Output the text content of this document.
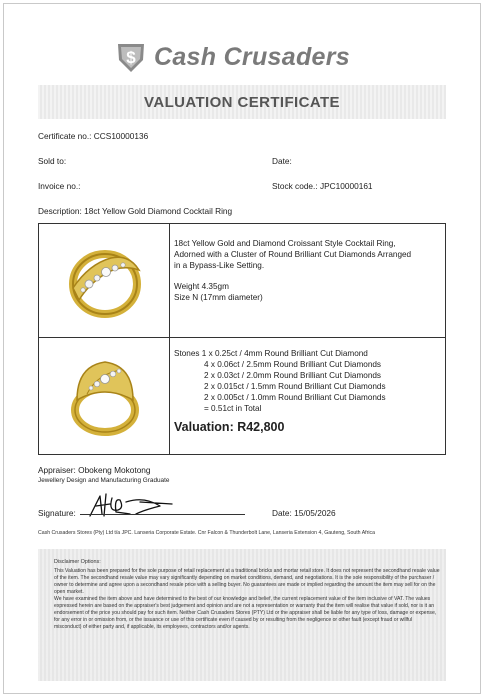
$ Cash Crusaders
VALUATION CERTIFICATE
Certificate no.: CCS10000136
Sold to:	Date:
Invoice no.:	Stock code.: JPC10000161
Description: 18ct Yellow Gold Diamond Cocktail Ring
18ct Yellow Gold and Diamond Croissant Style Cocktail Ring,
Adorned with a Cluster of Round Brilliant Cut Diamonds Arranged
in a Bypass-Like Setting.
Weight 4.35gm
Size N (17mm diameter)
Stones 1 x 0.25ct / 4mm Round Brilliant Cut Diamond
4 x 0.06ct / 2.5mm Round Brilliant Cut Diamonds
2 x 0.03ct / 2.0mm Round Brilliant Cut Diamonds
2 x 0.015ct / 1.5mm Round Brilliant Cut Diamonds
2 x 0.005ct / 1.0mm Round Brilliant Cut Diamonds
= 0.51ct in Total
Valuation: R42,800
Appraiser: Obokeng Mokotong
Jewellery Design and Manufacturing Graduate
Signature:	Date: 15/05/2026
Cash Crusaders Stores (Pty) Ltd t/a JPC. Lanseria Corporate Estate. Cnr Falcon & Thunderbolt Lane, Lanseria Extension 4, Gauteng, South Africa
Disclaimer Options:
This Valuation has been prepared for the sole purpose of retail replacement at a traditional bricks and mortar retail store. It does not represent the secondhand resale value of the item. The secondhand resale value may vary significantly depending on market conditions, demand, and negotiations. It is the sole responsibility of the purchaser / owner to determine and agree upon a secondhand resale price with a selling buyer. No guarantees are made or implied regarding the amount the item may sell for on the open market.
We have examined the item above and have determined to the best of our knowledge and belief, the current replacement value of the item inclusive of VAT. The values expressed herein are based on the appraiser's best judgement and opinion and are not a representation or warranty that the item will realise that value if sold, nor is it an endorsement of the price you should pay for such item. Neither Cash Crusaders Stores (PTY) Ltd or the appraiser shall be liable for any type of loss, damage or expense, for any error in or omission from, or the issuance or use of this certificate even if caused by or resulting from the negligence or other fault (except fraud or willful misconduct) of either party and, if applicable, its employees, contractors and/or agents.
